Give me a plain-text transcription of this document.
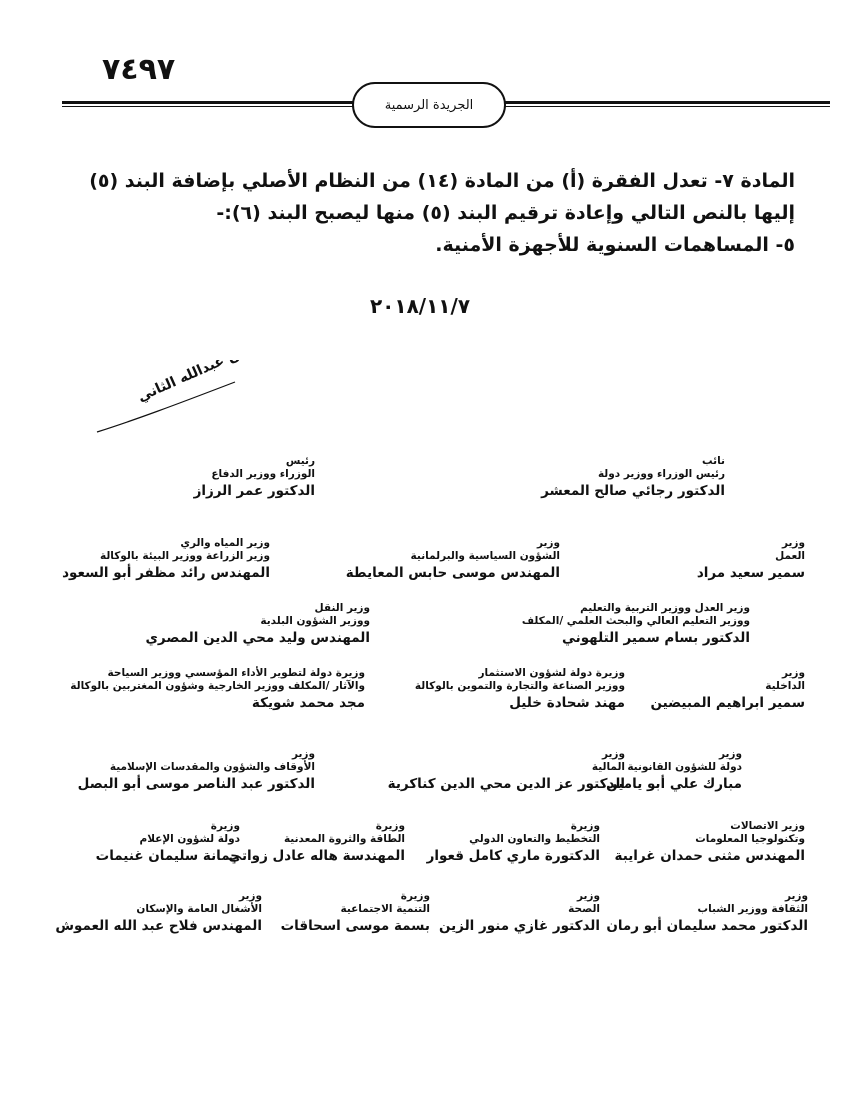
٧٤٩٧
الجريدة الرسمية
المادة ٧- تعدل الفقرة (أ) من المادة (١٤) من النظام الأصلي بإضافة البند (٥)
إليها بالنص التالي وإعادة ترقيم البند (٥) منها ليصبح البند (٦):-
٥- المساهمات السنوية للأجهزة الأمنية.
٢٠١٨/١١/٧
الحسين بن عبدالله الثاني
نائب
رئيس الوزراء ووزير دولة
الدكتور رجائي صالح المعشر
رئيس
الوزراء ووزير الدفاع
الدكتور عمر الرزاز
وزير
العمل
سمير سعيد مراد
وزير
الشؤون السياسية والبرلمانية
المهندس موسى حابس المعايطة
وزير المياه والري
وزير الزراعة ووزير البيئة بالوكالة
المهندس رائد مظفر أبو السعود
وزير العدل ووزير التربية والتعليم
ووزير التعليم العالي والبحث العلمي /المكلف
الدكتور بسام سمير التلهوني
وزير النقل
ووزير الشؤون البلدية
المهندس وليد محي الدين المصري
وزير
الداخلية
سمير ابراهيم المبيضين
وزيرة دولة لشؤون الاستثمار
ووزير الصناعة والتجارة والتموين بالوكالة
مهند شحادة خليل
وزيرة دولة لتطوير الأداء المؤسسي ووزير السياحة
والآثار /المكلف ووزير الخارجية وشؤون المغتربين بالوكالة
مجد محمد شويكة
وزير
دولة للشؤون القانونية
مبارك علي أبو يامين
وزير
المالية
الدكتور عز الدين محي الدين كناكرية
وزير
الأوقاف والشؤون والمقدسات الإسلامية
الدكتور عبد الناصر موسى أبو البصل
وزير الاتصالات
وتكنولوجيا المعلومات
المهندس مثنى حمدان غرايبة
وزيرة
التخطيط والتعاون الدولي
الدكتورة ماري كامل قعوار
وزيرة
الطاقة والثروة المعدنية
المهندسة هاله عادل زواتي
وزيرة
دولة لشؤون الإعلام
جمانة سليمان غنيمات
وزير
الثقافة ووزير الشباب
الدكتور محمد سليمان أبو رمان
وزير
الصحة
الدكتور غازي منور الزين
وزيرة
التنمية الاجتماعية
بسمة موسى اسحاقات
وزير
الأشغال العامة والإسكان
المهندس فلاح عبد الله العموش
